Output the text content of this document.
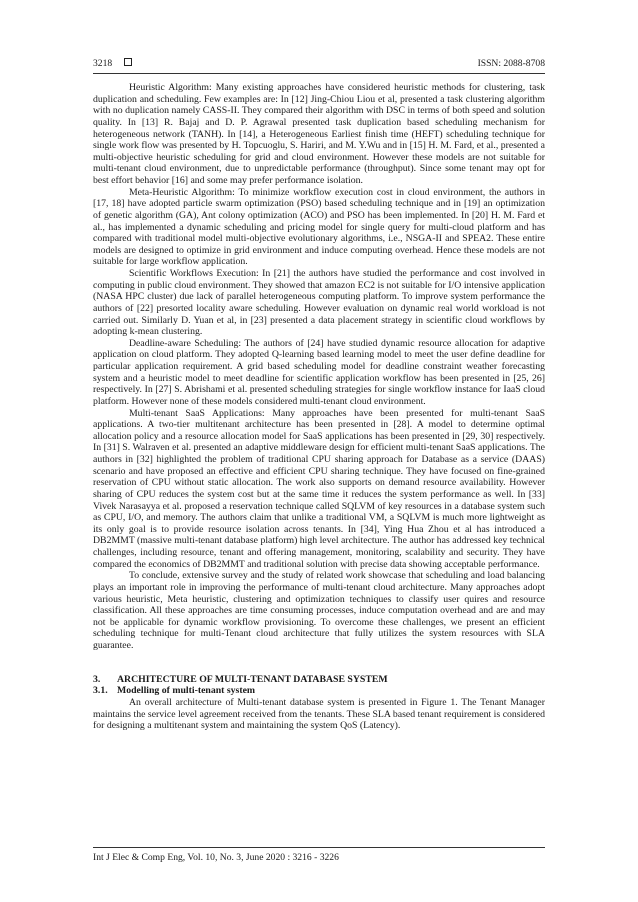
3218	ISSN: 2088-8708

Heuristic Algorithm: Many existing approaches have considered heuristic methods for clustering, task duplication and scheduling. Few examples are: In [12] Jing-Chiou Liou et al, presented a task clustering algorithm with no duplication namely CASS-II. They compared their algorithm with DSC in terms of both speed and solution quality. In [13] R. Bajaj and D. P. Agrawal presented task duplication based scheduling mechanism for heterogeneous network (TANH). In [14], a Heterogeneous Earliest finish time (HEFT) scheduling technique for single work flow was presented by H. Topcuoglu, S. Hariri, and M. Y.Wu and in [15] H. M. Fard, et al., presented a multi-objective heuristic scheduling for grid and cloud environment. However these models are not suitable for multi-tenant cloud environment, due to unpredictable performance (throughput). Since some tenant may opt for best effort behavior [16] and some may prefer performance isolation.

Meta-Heuristic Algorithm: To minimize workflow execution cost in cloud environment, the authors in [17, 18] have adopted particle swarm optimization (PSO) based scheduling technique and in [19] an optimization of genetic algorithm (GA), Ant colony optimization (ACO) and PSO has been implemented. In [20] H. M. Fard et al., has implemented a dynamic scheduling and pricing model for single query for multi-cloud platform and has compared with traditional model multi-objective evolutionary algorithms, i.e., NSGA-II and SPEA2. These entire models are designed to optimize in grid environment and induce computing overhead. Hence these models are not suitable for large workflow application.

Scientific Workflows Execution: In [21] the authors have studied the performance and cost involved in computing in public cloud environment. They showed that amazon EC2 is not suitable for I/O intensive application (NASA HPC cluster) due lack of parallel heterogeneous computing platform. To improve system performance the authors of [22] presorted locality aware scheduling. However evaluation on dynamic real world workload is not carried out. Similarly D. Yuan et al, in [23] presented a data placement strategy in scientific cloud workflows by adopting k-mean clustering.

Deadline-aware Scheduling: The authors of [24] have studied dynamic resource allocation for adaptive application on cloud platform. They adopted Q-learning based learning model to meet the user define deadline for particular application requirement. A grid based scheduling model for deadline constraint weather forecasting system and a heuristic model to meet deadline for scientific application workflow has been presented in [25, 26] respectively. In [27] S. Abrishami et al. presented scheduling strategies for single workflow instance for IaaS cloud platform. However none of these models considered multi-tenant cloud environment.

Multi-tenant SaaS Applications: Many approaches have been presented for multi-tenant SaaS applications. A two-tier multitenant architecture has been presented in [28]. A model to determine optimal allocation policy and a resource allocation model for SaaS applications has been presented in [29, 30] respectively. In [31] S. Walraven et al. presented an adaptive middleware design for efficient multi-tenant SaaS applications. The authors in [32] highlighted the problem of traditional CPU sharing approach for Database as a service (DAAS) scenario and have proposed an effective and efficient CPU sharing technique. They have focused on fine-grained reservation of CPU without static allocation. The work also supports on demand resource availability. However sharing of CPU reduces the system cost but at the same time it reduces the system performance as well. In [33] Vivek Narasayya et al. proposed a reservation technique called SQLVM of key resources in a database system such as CPU, I/O, and memory. The authors claim that unlike a traditional VM, a SQLVM is much more lightweight as its only goal is to provide resource isolation across tenants. In [34], Ying Hua Zhou et al has introduced a DB2MMT (massive multi-tenant database platform) high level architecture. The author has addressed key technical challenges, including resource, tenant and offering management, monitoring, scalability and security. They have compared the economics of DB2MMT and traditional solution with precise data showing acceptable performance.

To conclude, extensive survey and the study of related work showcase that scheduling and load balancing plays an important role in improving the performance of multi-tenant cloud architecture. Many approaches adopt various heuristic, Meta heuristic, clustering and optimization techniques to classify user quires and resource classification. All these approaches are time consuming processes, induce computation overhead and are and may not be applicable for dynamic workflow provisioning. To overcome these challenges, we present an efficient scheduling technique for multi-Tenant cloud architecture that fully utilizes the system resources with SLA guarantee.

3. ARCHITECTURE OF MULTI-TENANT DATABASE SYSTEM

3.1. Modelling of multi-tenant system

An overall architecture of Multi-tenant database system is presented in Figure 1. The Tenant Manager maintains the service level agreement received from the tenants. These SLA based tenant requirement is considered for designing a multitenant system and maintaining the system QoS (Latency).

Int J Elec & Comp Eng, Vol. 10, No. 3, June 2020 : 3216 - 3226
